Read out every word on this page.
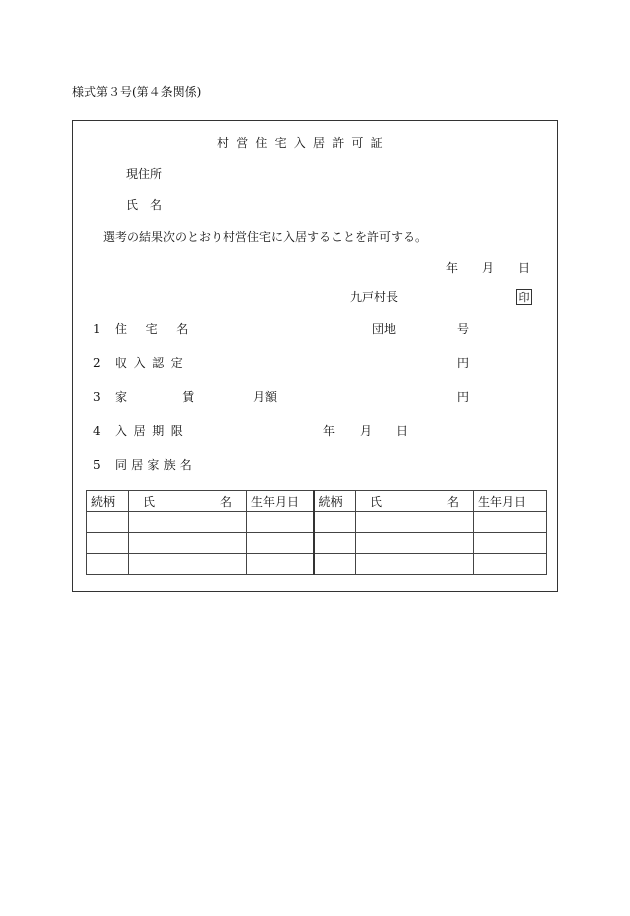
様式第３号(第４条関係)
村営住宅入居許可証
現住所
氏　名
選考の結果次のとおり村営住宅に入居することを許可する。
年 月 日
九戸村長	印
1 住宅名	団地	号
2 収入認定	円
3 家賃 月額	円
4 入居期限	年 月 日
5 同居家族名
続柄	氏 名	生年月日	続柄	氏 名	生年月日
